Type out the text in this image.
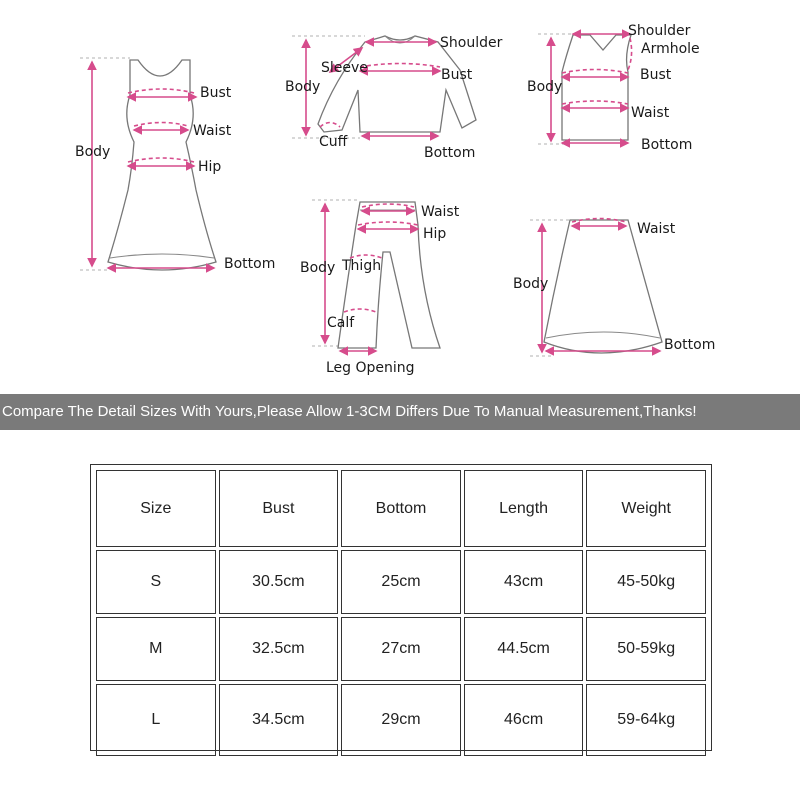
Body
Bust
Waist
Hip
Bottom
Shoulder
Sleeve	Bust
Body
Cuff
Bottom
Shoulder
Armhole
Body
Bust
Waist
Bottom
Waist
Hip
Body Thigh
Calf
Leg Opening
Waist
Body
Bottom
Compare The Detail Sizes With Yours,Please Allow 1-3CM Differs Due To Manual Measurement,Thanks!
Size	Bust	Bottom	Length	Weight
S	30.5cm	25cm	43cm	45-50kg
M	32.5cm	27cm	44.5cm	50-59kg
L	34.5cm	29cm	46cm	59-64kg
